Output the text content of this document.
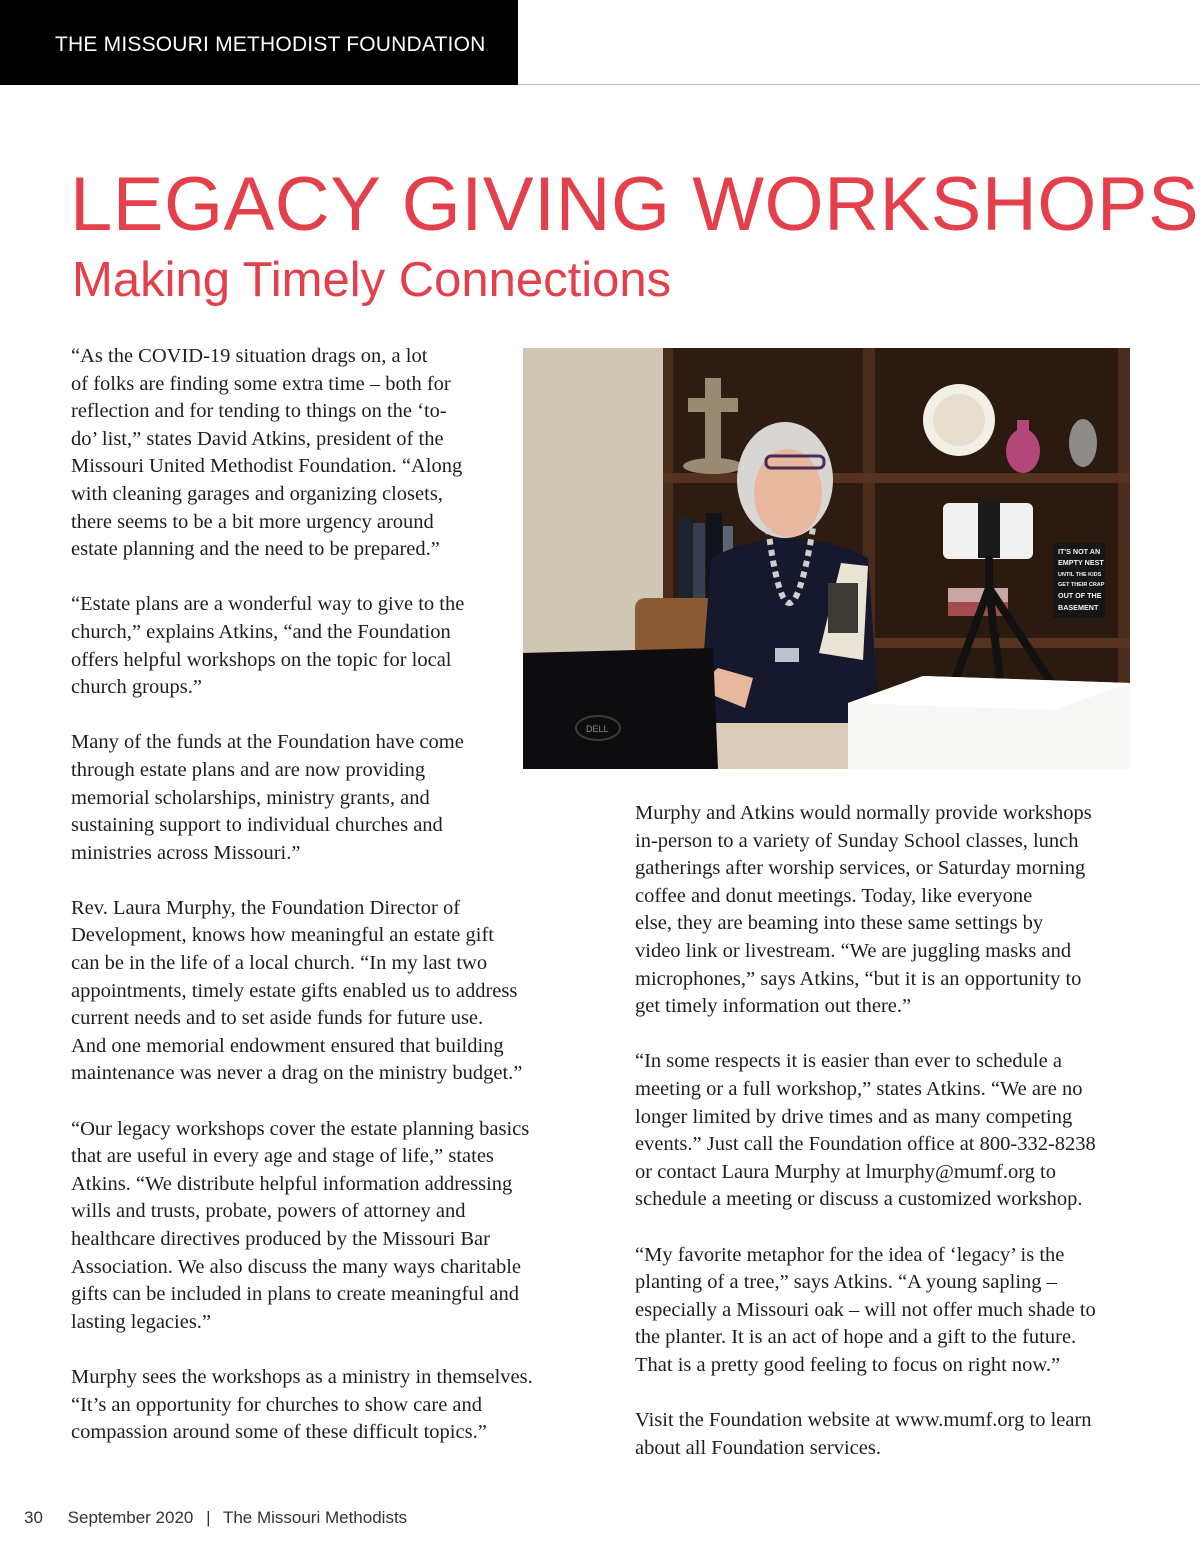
THE MISSOURI METHODIST FOUNDATION
LEGACY GIVING WORKSHOPS
Making Timely Connections

“As the COVID-19 situation drags on, a lot
of folks are finding some extra time – both for
reflection and for tending to things on the ‘to-
do’ list,” states David Atkins, president of the
Missouri United Methodist Foundation. “Along
with cleaning garages and organizing closets,
there seems to be a bit more urgency around
estate planning and the need to be prepared.”

“Estate plans are a wonderful way to give to the
church,” explains Atkins, “and the Foundation
offers helpful workshops on the topic for local
church groups.”

Many of the funds at the Foundation have come
through estate plans and are now providing
memorial scholarships, ministry grants, and
sustaining support to individual churches and
ministries across Missouri.”

Rev. Laura Murphy, the Foundation Director of
Development, knows how meaningful an estate gift
can be in the life of a local church. “In my last two
appointments, timely estate gifts enabled us to address
current needs and to set aside funds for future use.
And one memorial endowment ensured that building
maintenance was never a drag on the ministry budget.”

“Our legacy workshops cover the estate planning basics
that are useful in every age and stage of life,” states
Atkins. “We distribute helpful information addressing
wills and trusts, probate, powers of attorney and
healthcare directives produced by the Missouri Bar
Association. We also discuss the many ways charitable
gifts can be included in plans to create meaningful and
lasting legacies.”

Murphy sees the workshops as a ministry in themselves.
“It’s an opportunity for churches to show care and
compassion around some of these difficult topics.”

IT'S NOT AN
EMPTY NEST
UNTIL THE KIDS
GET THEIR CRAP
OUT OF THE
BASEMENT
DELL

Murphy and Atkins would normally provide workshops
in-person to a variety of Sunday School classes, lunch
gatherings after worship services, or Saturday morning
coffee and donut meetings. Today, like everyone
else, they are beaming into these same settings by
video link or livestream. “We are juggling masks and
microphones,” says Atkins, “but it is an opportunity to
get timely information out there.”

“In some respects it is easier than ever to schedule a
meeting or a full workshop,” states Atkins. “We are no
longer limited by drive times and as many competing
events.” Just call the Foundation office at 800-332-8238
or contact Laura Murphy at lmurphy@mumf.org to
schedule a meeting or discuss a customized workshop.

“My favorite metaphor for the idea of ‘legacy’ is the
planting of a tree,” says Atkins. “A young sapling –
especially a Missouri oak – will not offer much shade to
the planter. It is an act of hope and a gift to the future.
That is a pretty good feeling to focus on right now.”

Visit the Foundation website at www.mumf.org to learn
about all Foundation services.

30 September 2020 | The Missouri Methodists
